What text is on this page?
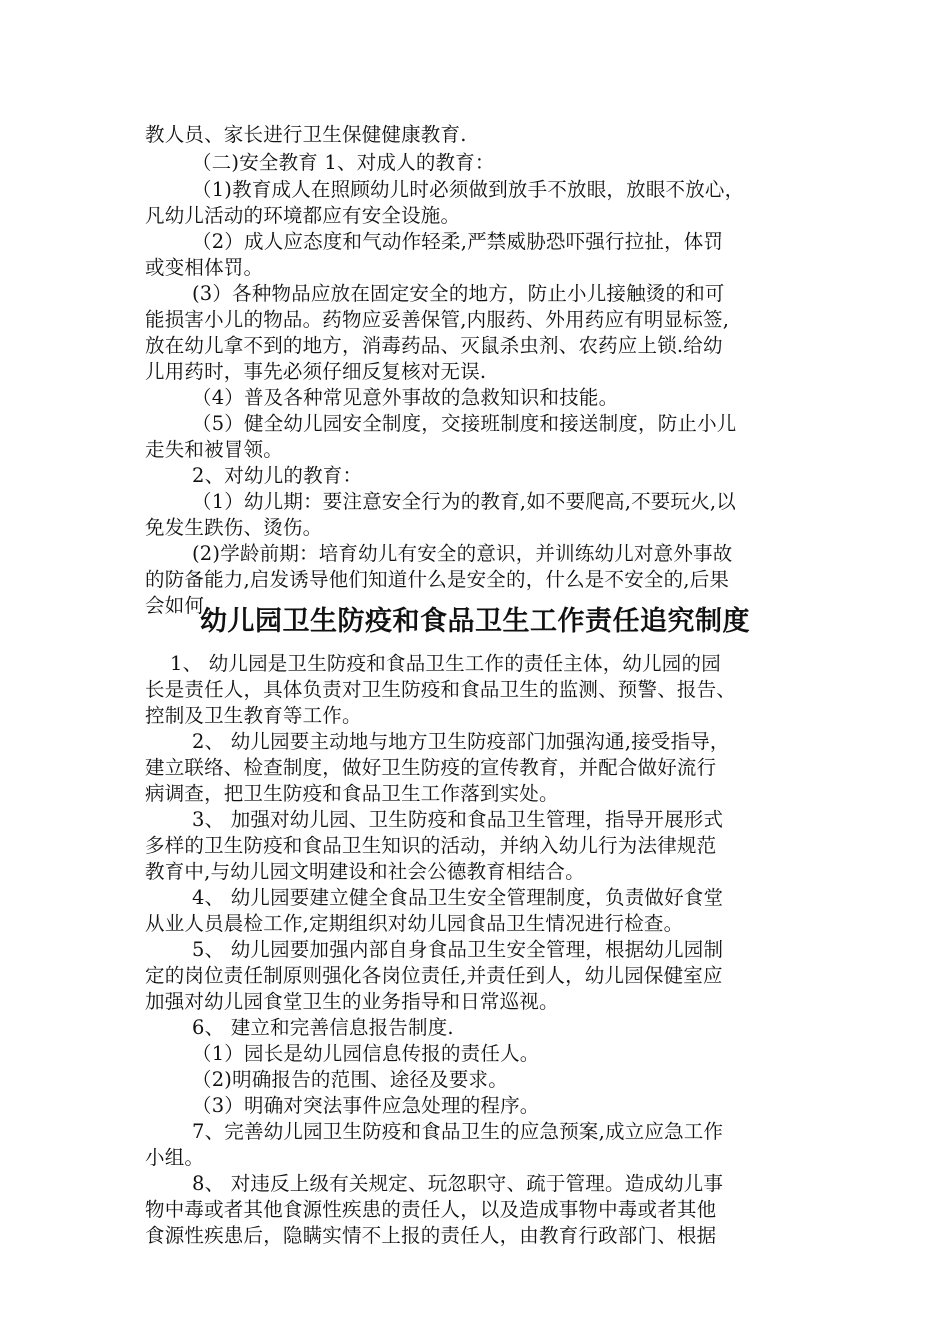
教人员、家长进行卫生保健健康教育.
（二)安全教育 1、对成人的教育：
（1)教育成人在照顾幼儿时必须做到放手不放眼，放眼不放心，
凡幼儿活动的环境都应有安全设施。
（2）成人应态度和气动作轻柔,严禁威胁恐吓强行拉扯，体罚
或变相体罚。
(3）各种物品应放在固定安全的地方，防止小儿接触烫的和可
能损害小儿的物品。药物应妥善保管,内服药、外用药应有明显标签,
放在幼儿拿不到的地方，消毒药品、灭鼠杀虫剂、农药应上锁.给幼
儿用药时，事先必须仔细反复核对无误.
（4）普及各种常见意外事故的急救知识和技能。
（5）健全幼儿园安全制度，交接班制度和接送制度，防止小儿
走失和被冒领。
2、对幼儿的教育：
（1）幼儿期：要注意安全行为的教育,如不要爬高,不要玩火,以
免发生跌伤、烫伤。
(2)学龄前期：培育幼儿有安全的意识，并训练幼儿对意外事故
的防备能力,启发诱导他们知道什么是安全的，什么是不安全的,后果
会如何。
幼儿园卫生防疫和食品卫生工作责任追究制度
1、 幼儿园是卫生防疫和食品卫生工作的责任主体，幼儿园的园
长是责任人，具体负责对卫生防疫和食品卫生的监测、预警、报告、
控制及卫生教育等工作。
2、 幼儿园要主动地与地方卫生防疫部门加强沟通,接受指导，
建立联络、检查制度，做好卫生防疫的宣传教育，并配合做好流行
病调查，把卫生防疫和食品卫生工作落到实处。
3、 加强对幼儿园、卫生防疫和食品卫生管理，指导开展形式
多样的卫生防疫和食品卫生知识的活动，并纳入幼儿行为法律规范
教育中,与幼儿园文明建设和社会公德教育相结合。
4、 幼儿园要建立健全食品卫生安全管理制度，负责做好食堂
从业人员晨检工作,定期组织对幼儿园食品卫生情况进行检查。
5、 幼儿园要加强内部自身食品卫生安全管理，根据幼儿园制
定的岗位责任制原则强化各岗位责任,并责任到人，幼儿园保健室应
加强对幼儿园食堂卫生的业务指导和日常巡视。
6、 建立和完善信息报告制度.
（1）园长是幼儿园信息传报的责任人。
（2)明确报告的范围、途径及要求。
（3）明确对突法事件应急处理的程序。
7、完善幼儿园卫生防疫和食品卫生的应急预案,成立应急工作
小组。
8、 对违反上级有关规定、玩忽职守、疏于管理。造成幼儿事
物中毒或者其他食源性疾患的责任人，以及造成事物中毒或者其他
食源性疾患后，隐瞒实情不上报的责任人，由教育行政部门、根据
